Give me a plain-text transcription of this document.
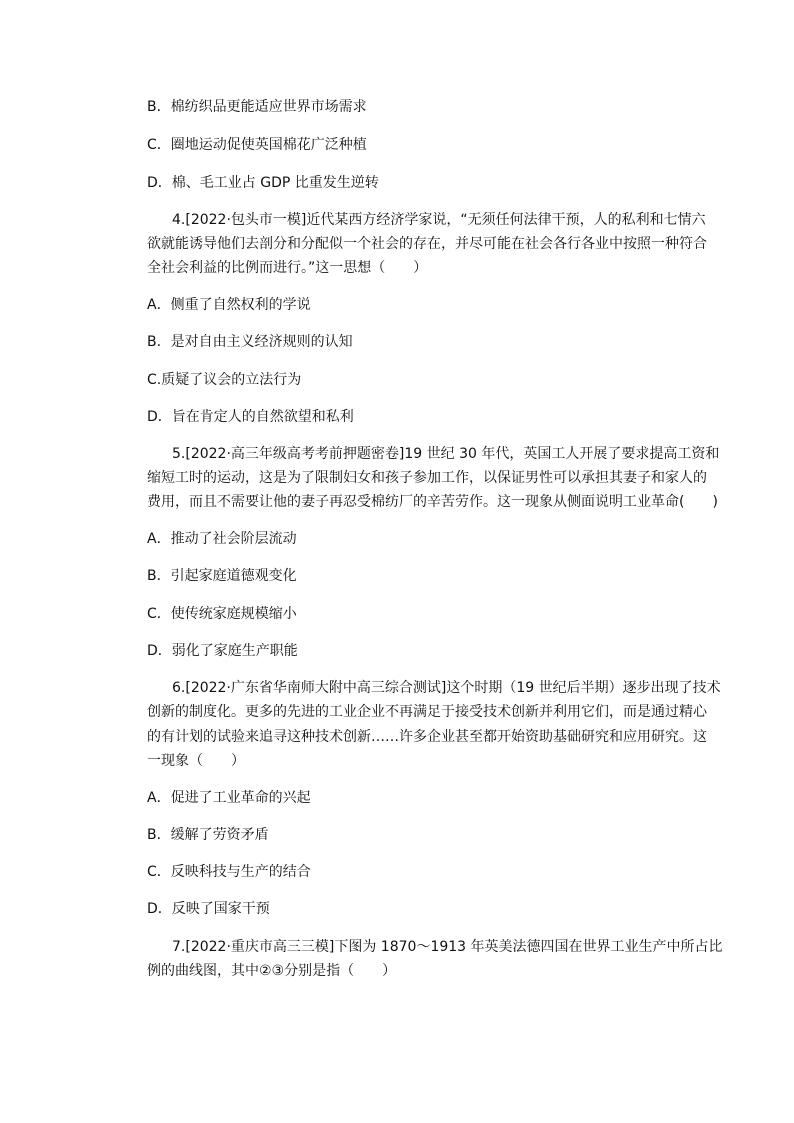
B．棉纺织品更能适应世界市场需求
C．圈地运动促使英国棉花广泛种植
D．棉、毛工业占 GDP 比重发生逆转
4.[2022·包头市一模]近代某西方经济学家说，“无须任何法律干预，人的私利和七情六
欲就能诱导他们去剖分和分配似一个社会的存在，并尽可能在社会各行各业中按照一种符合
全社会利益的比例而进行。”这一思想（　　）
A．侧重了自然权利的学说
B．是对自由主义经济规则的认知
C.质疑了议会的立法行为
D．旨在肯定人的自然欲望和私利
5.[2022·高三年级高考考前押题密卷]19 世纪 30 年代，英国工人开展了要求提高工资和
缩短工时的运动，这是为了限制妇女和孩子参加工作，以保证男性可以承担其妻子和家人的
费用，而且不需要让他的妻子再忍受棉纺厂的辛苦劳作。这一现象从侧面说明工业革命(　　)
A．推动了社会阶层流动
B．引起家庭道德观变化
C．使传统家庭规模缩小
D．弱化了家庭生产职能
6.[2022·广东省华南师大附中高三综合测试]这个时期（19 世纪后半期）逐步出现了技术
创新的制度化。更多的先进的工业企业不再满足于接受技术创新并利用它们，而是通过精心
的有计划的试验来追寻这种技术创新……许多企业甚至都开始资助基础研究和应用研究。这
一现象（　　）
A．促进了工业革命的兴起
B．缓解了劳资矛盾
C．反映科技与生产的结合
D．反映了国家干预
7.[2022·重庆市高三三模]下图为 1870～1913 年英美法德四国在世界工业生产中所占比
例的曲线图，其中②③分别是指（　　）
